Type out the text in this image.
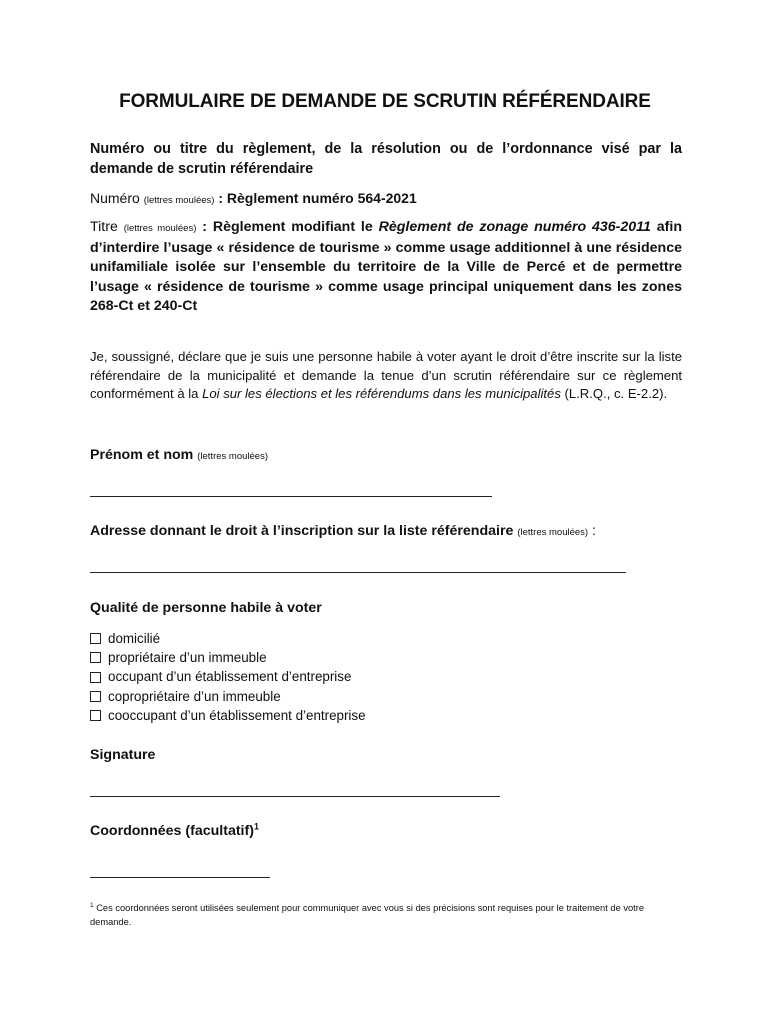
FORMULAIRE DE DEMANDE DE SCRUTIN RÉFÉRENDAIRE
Numéro ou titre du règlement, de la résolution ou de l’ordonnance visé par la demande de scrutin référendaire
Numéro (lettres moulées) : Règlement numéro 564-2021
Titre (lettres moulées) : Règlement modifiant le Règlement de zonage numéro 436-2011 afin d’interdire l’usage « résidence de tourisme » comme usage additionnel à une résidence unifamiliale isolée sur l’ensemble du territoire de la Ville de Percé et de permettre l’usage « résidence de tourisme » comme usage principal uniquement dans les zones 268-Ct et 240-Ct
Je, soussigné, déclare que je suis une personne habile à voter ayant le droit d’être inscrite sur la liste référendaire de la municipalité et demande la tenue d’un scrutin référendaire sur ce règlement conformément à la Loi sur les élections et les référendums dans les municipalités (L.R.Q., c. E-2.2).
Prénom et nom (lettres moulées)
Adresse donnant le droit à l’inscription sur la liste référendaire (lettres moulées) :
Qualité de personne habile à voter
domicilié
propriétaire d’un immeuble
occupant d’un établissement d’entreprise
copropriétaire d’un immeuble
cooccupant d’un établissement d’entreprise
Signature
Coordonnées (facultatif)$^1$
$^1$ Ces coordonnées seront utilisées seulement pour communiquer avec vous si des précisions sont requises pour le traitement de votre demande.
